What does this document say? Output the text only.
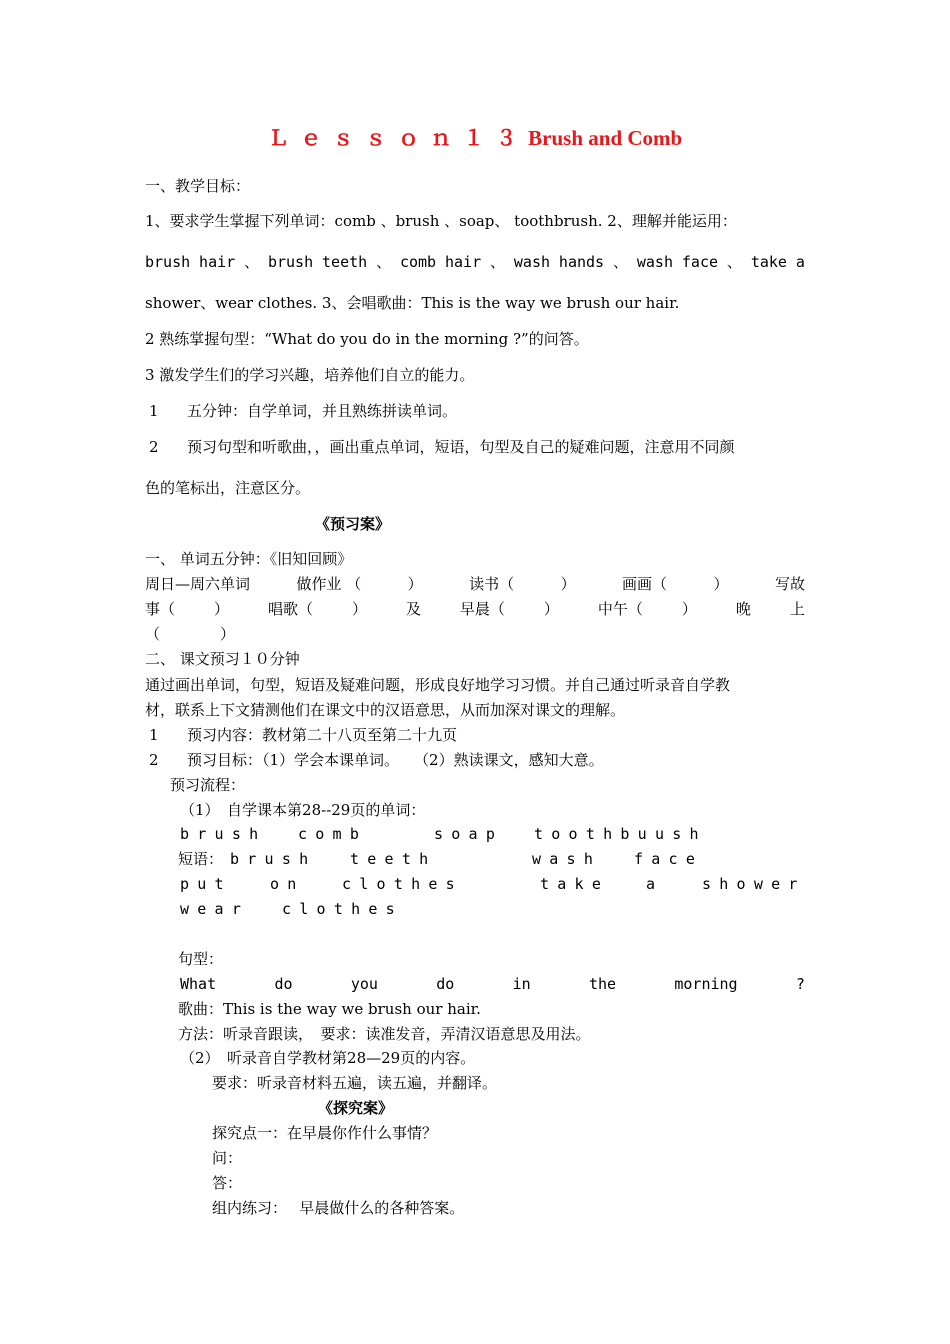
Ｌｅｓｓｏｎ１３Brush and Comb
一、教学目标：
1、要求学生掌握下列单词：comb 、brush 、soap、 toothbrush. 2、理解并能运用：
brush hair 、 brush teeth 、 comb hair 、 wash hands 、 wash face 、 take a
shower、wear clothes. 3、会唱歌曲：This is the way we brush our hair.
2 熟练掌握句型：“What do you do in the morning ?”的问答。
3 激发学生们的学习兴趣，培养他们自立的能力。
1 五分钟：自学单词，并且熟练拼读单词。
2 预习句型和听歌曲，，画出重点单词，短语，句型及自己的疑难问题，注意用不同颜
色的笔标出，注意区分。
《预习案》
一、 单词五分钟：《旧知回顾》
周日—周六单词	做作业 （	）	读书（	）	画画（	）	写故
事（	）	唱歌（	）	及	早晨（	）	中午（	）	晚	上
（　　　　）
二、 课文预习１０分钟
通过画出单词，句型，短语及疑难问题，形成良好地学习习惯。并自己通过听录音自学教
材，联系上下文猜测他们在课文中的汉语意思，从而加深对课文的理解。
1 预习内容：教材第二十八页至第二十九页
2 预习目标：（1）学会本课单词。　　（2）熟读课文，感知大意。
预习流程：
（1）　自学课本第28--29页的单词：
brush comb	soap toothbuush
短语： brush teeth	wash face
put	on clothes	take a	shower
wear clothes
句型：
What	do	you	do	in	the	morning	?
歌曲：This is the way we brush our hair.
方法：听录音跟读，　要求：读准发音，弄清汉语意思及用法。
（2）　听录音自学教材第28—29页的内容。
要求：听录音材料五遍，读五遍，并翻译。
《探究案》
探究点一：在早晨你作什么事情？
问：
答：
组内练习：　 早晨做什么的各种答案。
